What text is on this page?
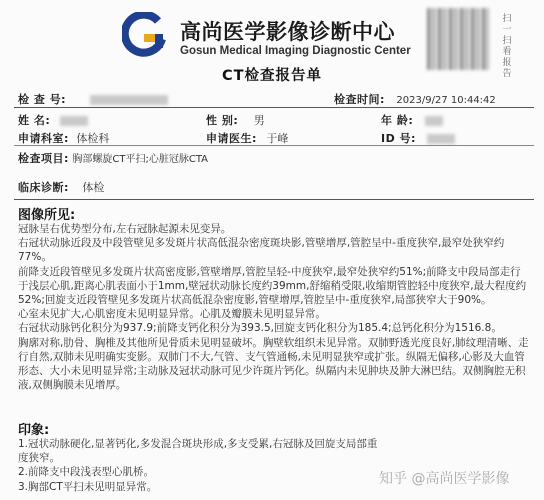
高尚医学影像诊断中心
Gosun Medical Imaging Diagnostic Center
扫一扫看报告
CT检查报告单
检 查 号:	检查时间: 2023/9/27 10:44:42
姓 名:	性 别: 男	年 龄:
申请科室: 体检科	申请医生: 于峰	ID 号:
检查项目: 胸部螺旋CT平扫;心脏冠脉CTA
临床诊断: 体检
图像所见:

冠脉呈右优势型分布,左右冠脉起源未见变异。

右冠状动脉近段及中段管壁见多发斑片状高低混杂密度斑块影,管壁增厚,管腔呈中-重度狭窄,最窄处狭窄约77%。

前降支近段管壁见多发斑片状高密度影,管壁增厚,管腔呈轻-中度狭窄,最窄处狭窄约51%;前降支中段局部走行于浅层心肌,距离心肌表面小于1mm,壁冠状动脉长度约39mm,舒缩稍受限,收缩期管腔轻中度狭窄,最大程度约52%;回旋支近段管壁见多发斑片状高低混杂密度影,管壁增厚,管腔呈中-重度狭窄,局部狭窄大于90%。

心室未见扩大,心肌密度未见明显异常。心肌及瓣膜未见明显异常。

右冠状动脉钙化积分为937.9;前降支钙化积分为393.5,回旋支钙化积分为185.4;总钙化积分为1516.8。

胸廓对称,肋骨、胸椎及其他所见骨质未见明显破坏。胸壁软组织未见异常。双肺野透光度良好,肺纹理清晰、走行自然,双肺未见明确实变影。双肺门不大,气管、支气管通畅,未见明显狭窄或扩张。纵隔无偏移,心影及大血管形态、大小未见明显异常;主动脉及冠状动脉可见少许斑片钙化。纵隔内未见肿块及肿大淋巴结。双侧胸腔无积液,双侧胸膜未见增厚。

印象:

1.冠状动脉硬化,显著钙化,多发混合斑块形成,多支受累,右冠脉及回旋支局部重度狭窄。

2.前降支中段浅表型心肌桥。

3.胸部CT平扫未见明显异常。	知乎 @高尚医学影像
